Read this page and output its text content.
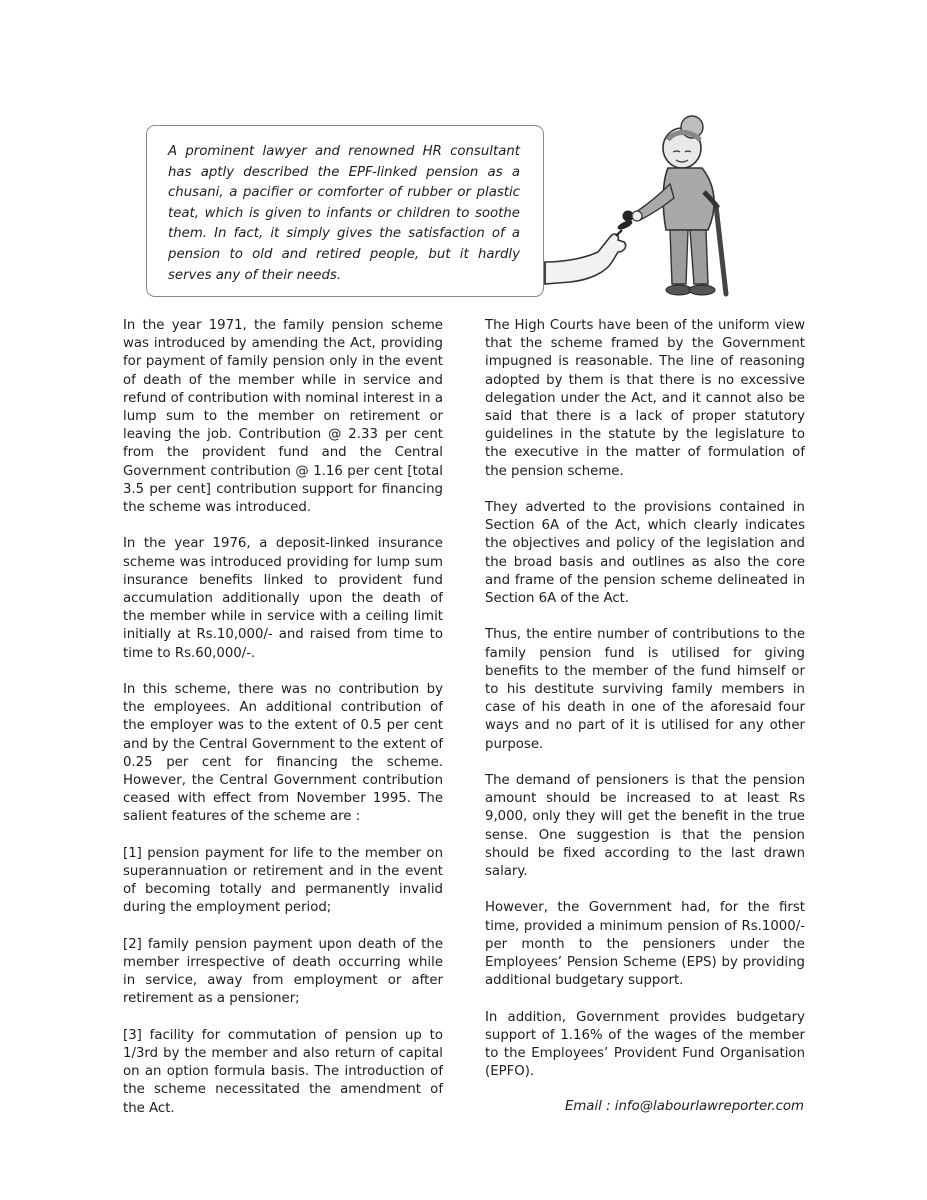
A prominent lawyer and renowned HR consultant has aptly described the EPF-linked pension as a chusani, a pacifier or comforter of rubber or plastic teat, which is given to infants or children to soothe them. In fact, it simply gives the satisfaction of a pension to old and retired people, but it hardly serves any of their needs.

In the year 1971, the family pension scheme was introduced by amending the Act, providing for payment of family pension only in the event of death of the member while in service and refund of contribution with nominal interest in a lump sum to the member on retirement or leaving the job. Contribution @ 2.33 per cent from the provident fund and the Central Government contribution @ 1.16 per cent [total 3.5 per cent] contribution support for financing the scheme was introduced.

In the year 1976, a deposit-linked insurance scheme was introduced providing for lump sum insurance benefits linked to provident fund accumulation additionally upon the death of the member while in service with a ceiling limit initially at Rs.10,000/- and raised from time to time to Rs.60,000/-.

In this scheme, there was no contribution by the employees. An additional contribution of the employer was to the extent of 0.5 per cent and by the Central Government to the extent of 0.25 per cent for financing the scheme. However, the Central Government contribution ceased with effect from November 1995. The salient features of the scheme are :

[1] pension payment for life to the member on superannuation or retirement and in the event of becoming totally and permanently invalid during the employment period;

[2] family pension payment upon death of the member irrespective of death occurring while in service, away from employment or after retirement as a pensioner;

[3] facility for commutation of pension up to 1/3rd by the member and also return of capital on an option formula basis. The introduction of the scheme necessitated the amendment of the Act.

The High Courts have been of the uniform view that the scheme framed by the Government impugned is reasonable. The line of reasoning adopted by them is that there is no excessive delegation under the Act, and it cannot also be said that there is a lack of proper statutory guidelines in the statute by the legislature to the executive in the matter of formulation of the pension scheme.

They adverted to the provisions contained in Section 6A of the Act, which clearly indicates the objectives and policy of the legislation and the broad basis and outlines as also the core and frame of the pension scheme delineated in Section 6A of the Act.

Thus, the entire number of contributions to the family pension fund is utilised for giving benefits to the member of the fund himself or to his destitute surviving family members in case of his death in one of the aforesaid four ways and no part of it is utilised for any other purpose.

The demand of pensioners is that the pension amount should be increased to at least Rs 9,000, only they will get the benefit in the true sense. One suggestion is that the pension should be fixed according to the last drawn salary.

However, the Government had, for the first time, provided a minimum pension of Rs.1000/- per month to the pensioners under the Employees’ Pension Scheme (EPS) by providing additional budgetary support.

In addition, Government provides budgetary support of 1.16% of the wages of the member to the Employees’ Provident Fund Organisation (EPFO).

Email : info@labourlawreporter.com
